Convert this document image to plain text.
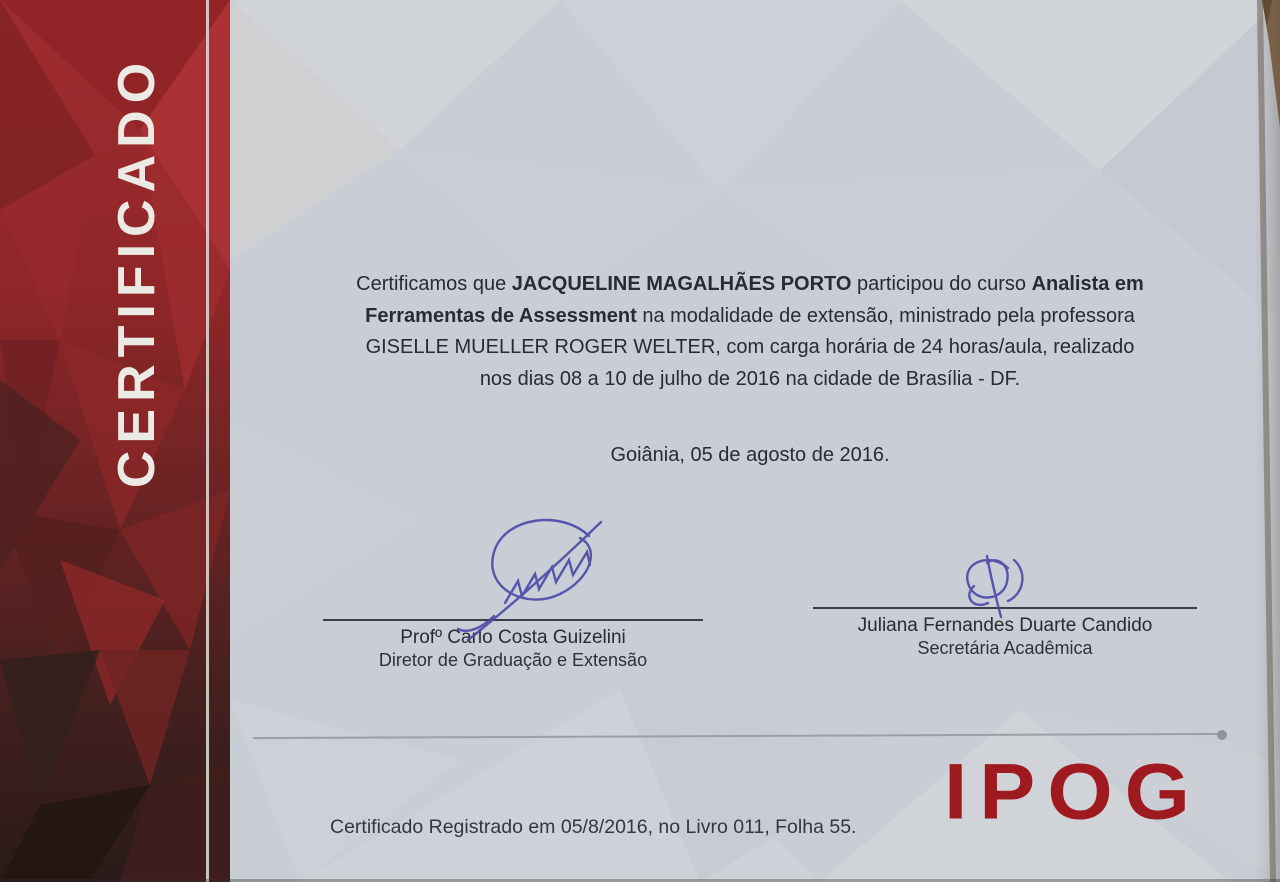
CERTIFICADO	Certificamos que JACQUELINE MAGALHÃES PORTO participou do curso Analista em
Ferramentas de Assessment na modalidade de extensão, ministrado pela professora
GISELLE MUELLER ROGER WELTER, com carga horária de 24 horas/aula, realizado
nos dias 08 a 10 de julho de 2016 na cidade de Brasília - DF.
Goiânia, 05 de agosto de 2016.
Profº Carlo Costa Guizelini
Diretor de Graduação e Extensão
Juliana Fernandes Duarte Candido
Secretária Acadêmica
IPOG
Certificado Registrado em 05/8/2016, no Livro 011, Folha 55.
